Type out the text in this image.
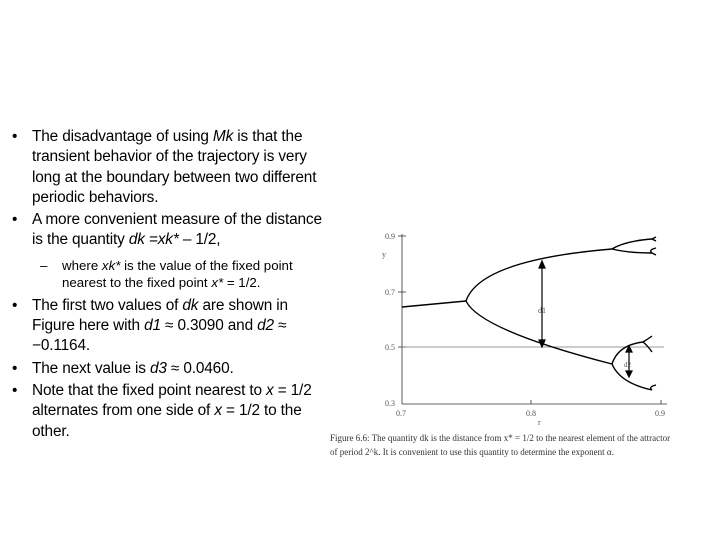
• The disadvantage of using Mk is that the transient behavior of the trajectory is very long at the boundary between two different periodic behaviors.
• A more convenient measure of the distance is the quantity dk =xk* – 1/2,
– where xk* is the value of the fixed point nearest to the fixed point x* = 1/2.
• The first two values of dk are shown in Figure here with d1 ≈ 0.3090 and d2 ≈ −0.1164.
• The next value is d3 ≈ 0.0460.
• Note that the fixed point nearest to x = 1/2 alternates from one side of x = 1/2 to the other.
0.9
0.7
0.5
0.3
y
0.7	0.8	0.9
r
d1
d2
Figure 6.6: The quantity dk is the distance from x* = 1/2 to the nearest element of the attractor
of period 2^k. It is convenient to use this quantity to determine the exponent α.
